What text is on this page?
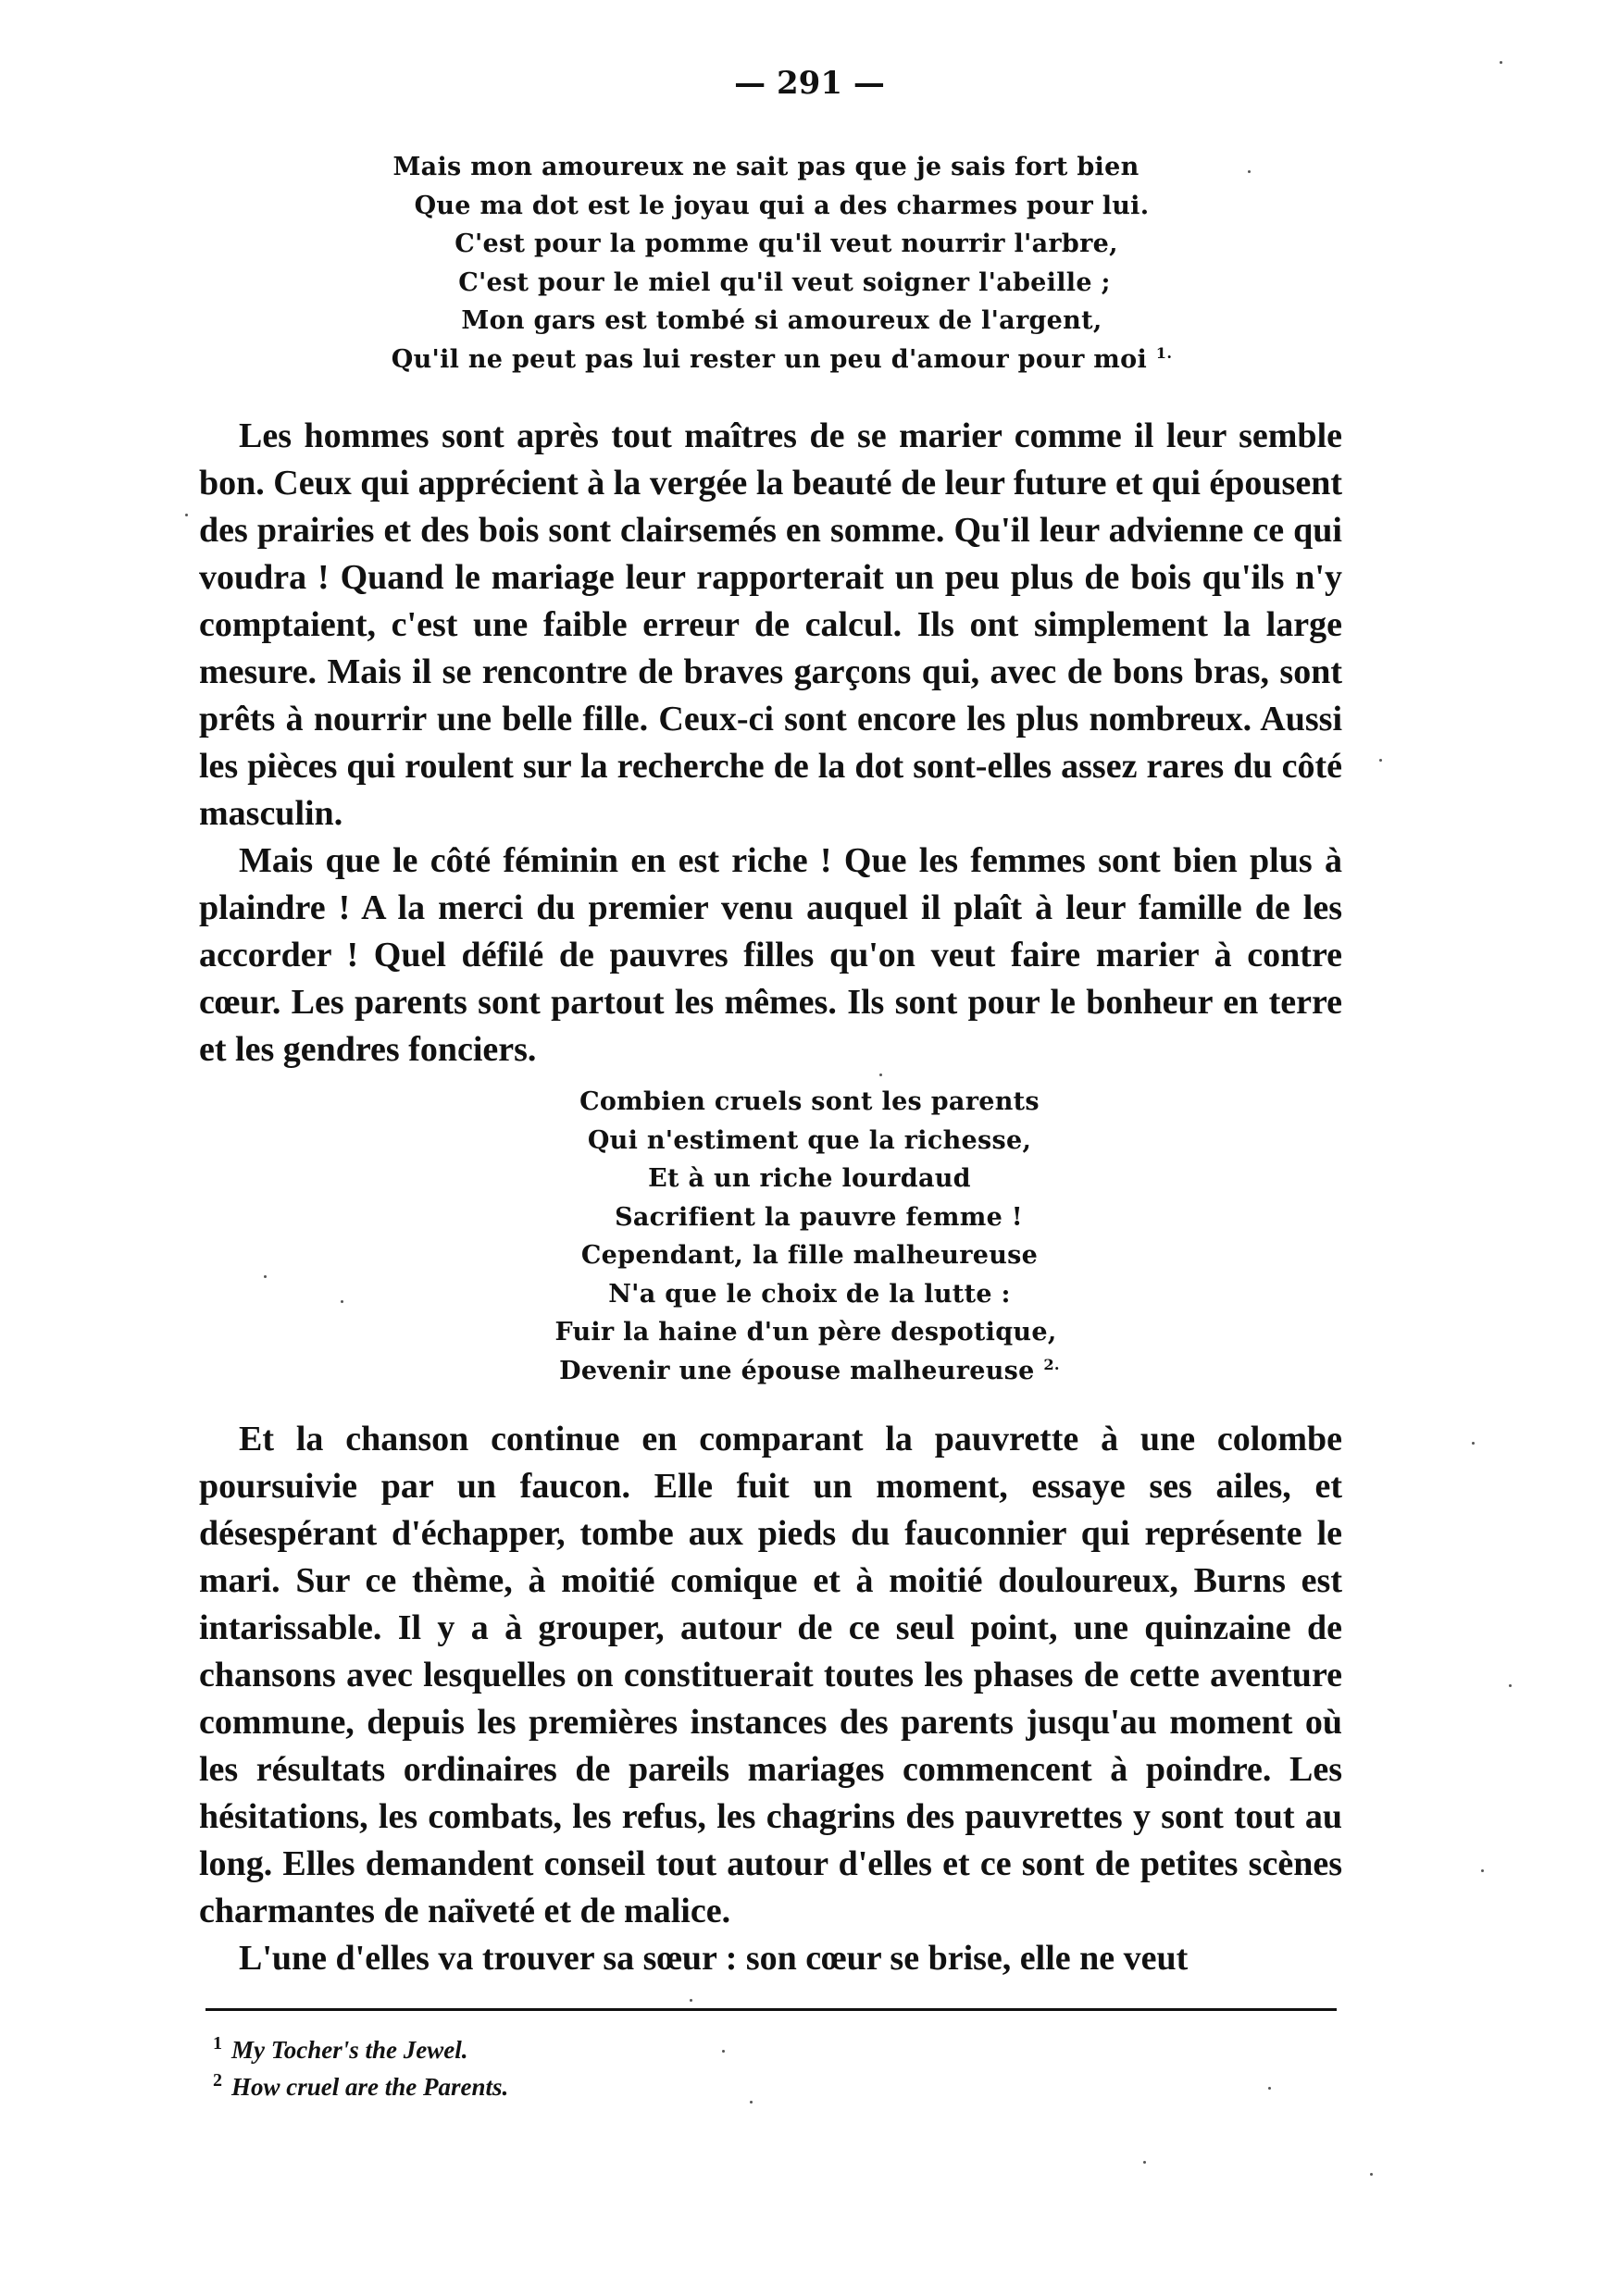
— 291 —
Mais mon amoureux ne sait pas que je sais fort bien
Que ma dot est le joyau qui a des charmes pour lui.
C'est pour la pomme qu'il veut nourrir l'arbre,
C'est pour le miel qu'il veut soigner l'abeille ;
Mon gars est tombé si amoureux de l'argent,
Qu'il ne peut pas lui rester un peu d'amour pour moi $^{1.}$

Les hommes sont après tout maîtres de se marier comme il leur semble bon. Ceux qui apprécient à la vergée la beauté de leur future et qui épousent des prairies et des bois sont clairsemés en somme. Qu'il leur advienne ce qui voudra ! Quand le mariage leur rapporterait un peu plus de bois qu'ils n'y comptaient, c'est une faible erreur de calcul. Ils ont simplement la large mesure. Mais il se rencontre de braves garçons qui, avec de bons bras, sont prêts à nourrir une belle fille. Ceux-ci sont encore les plus nombreux. Aussi les pièces qui roulent sur la recherche de la dot sont-elles assez rares du côté masculin.

Mais que le côté féminin en est riche ! Que les femmes sont bien plus à plaindre ! A la merci du premier venu auquel il plaît à leur famille de les accorder ! Quel défilé de pauvres filles qu'on veut faire marier à contre cœur. Les parents sont partout les mêmes. Ils sont pour le bonheur en terre et les gendres fonciers.

Combien cruels sont les parents
Qui n'estiment que la richesse,
Et à un riche lourdaud
Sacrifient la pauvre femme !
Cependant, la fille malheureuse
N'a que le choix de la lutte :
Fuir la haine d'un père despotique,
Devenir une épouse malheureuse $^{2.}$

Et la chanson continue en comparant la pauvrette à une colombe poursuivie par un faucon. Elle fuit un moment, essaye ses ailes, et désespérant d'échapper, tombe aux pieds du fauconnier qui représente le mari. Sur ce thème, à moitié comique et à moitié douloureux, Burns est intarissable. Il y a à grouper, autour de ce seul point, une quinzaine de chansons avec lesquelles on constituerait toutes les phases de cette aventure commune, depuis les premières instances des parents jusqu'au moment où les résultats ordinaires de pareils mariages commencent à poindre. Les hésitations, les combats, les refus, les chagrins des pauvrettes y sont tout au long. Elles demandent conseil tout autour d'elles et ce sont de petites scènes charmantes de naïveté et de malice.

L'une d'elles va trouver sa sœur : son cœur se brise, elle ne veut

$^1$ My Tocher's the Jewel.
$^2$ How cruel are the Parents.
